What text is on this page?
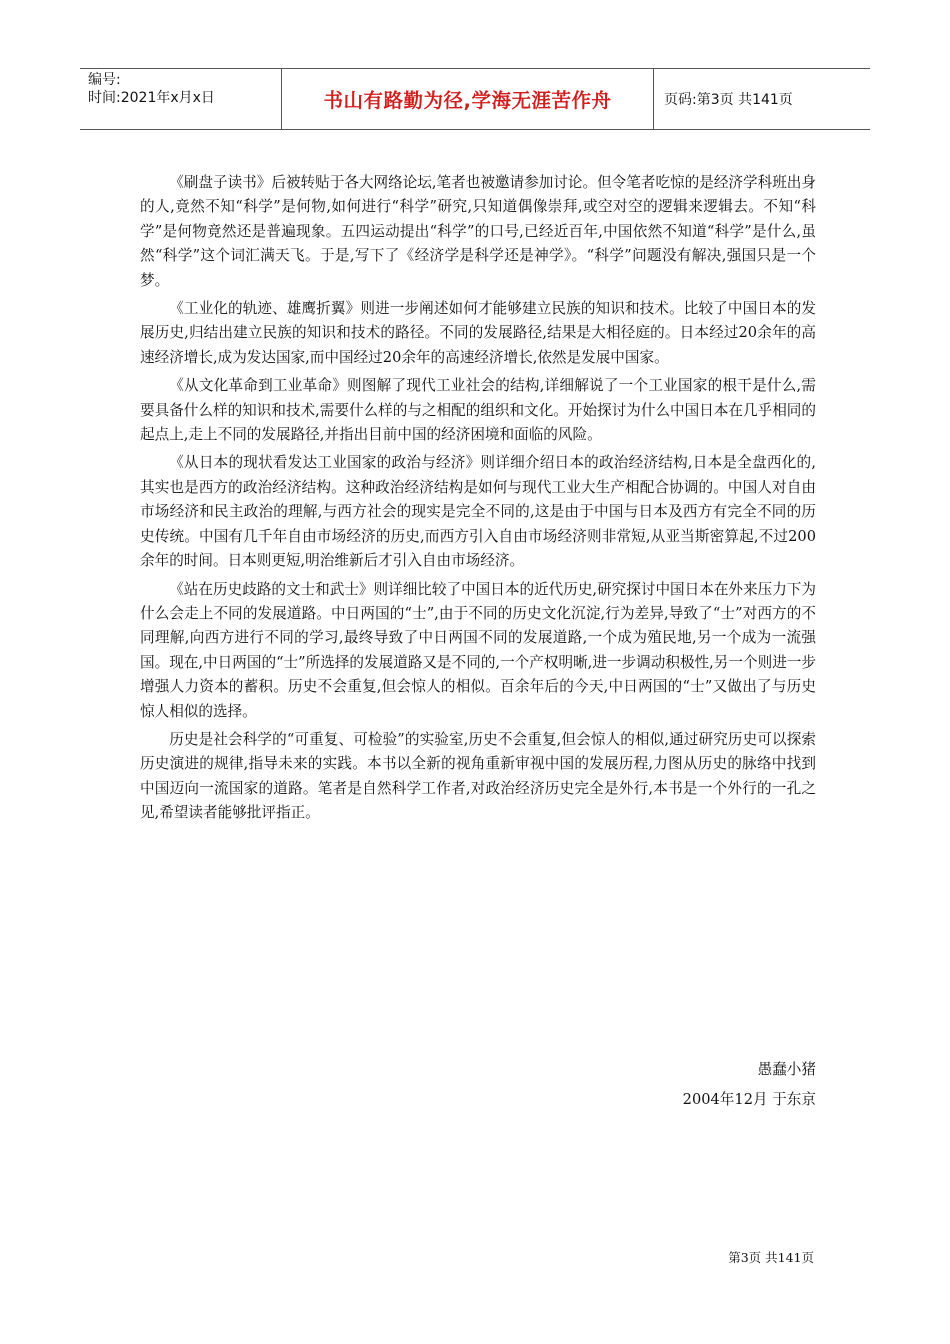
编号:
时间:2021年x月x日	书山有路勤为径,学海无涯苦作舟	页码:第3页 共141页

《刷盘子读书》后被转贴于各大网络论坛,笔者也被邀请参加讨论。但令笔者吃惊的是经济学科班出身的人,竟然不知“科学”是何物,如何进行“科学”研究,只知道偶像崇拜,或空对空的逻辑来逻辑去。不知“科学”是何物竟然还是普遍现象。五四运动提出“科学”的口号,已经近百年,中国依然不知道“科学”是什么,虽然“科学”这个词汇满天飞。于是,写下了《经济学是科学还是神学》。“科学”问题没有解决,强国只是一个梦。

《工业化的轨迹、雄鹰折翼》则进一步阐述如何才能够建立民族的知识和技术。比较了中国日本的发展历史,归结出建立民族的知识和技术的路径。不同的发展路径,结果是大相径庭的。日本经过20余年的高速经济增长,成为发达国家,而中国经过20余年的高速经济增长,依然是发展中国家。

《从文化革命到工业革命》则图解了现代工业社会的结构,详细解说了一个工业国家的根干是什么,需要具备什么样的知识和技术,需要什么样的与之相配的组织和文化。开始探讨为什么中国日本在几乎相同的起点上,走上不同的发展路径,并指出目前中国的经济困境和面临的风险。

《从日本的现状看发达工业国家的政治与经济》则详细介绍日本的政治经济结构,日本是全盘西化的,其实也是西方的政治经济结构。这种政治经济结构是如何与现代工业大生产相配合协调的。中国人对自由市场经济和民主政治的理解,与西方社会的现实是完全不同的,这是由于中国与日本及西方有完全不同的历史传统。中国有几千年自由市场经济的历史,而西方引入自由市场经济则非常短,从亚当斯密算起,不过200余年的时间。日本则更短,明治维新后才引入自由市场经济。

《站在历史歧路的文士和武士》则详细比较了中国日本的近代历史,研究探讨中国日本在外来压力下为什么会走上不同的发展道路。中日两国的“士”,由于不同的历史文化沉淀,行为差异,导致了“士”对西方的不同理解,向西方进行不同的学习,最终导致了中日两国不同的发展道路,一个成为殖民地,另一个成为一流强国。现在,中日两国的“士”所选择的发展道路又是不同的,一个产权明晰,进一步调动积极性,另一个则进一步增强人力资本的蓄积。历史不会重复,但会惊人的相似。百余年后的今天,中日两国的“士”又做出了与历史惊人相似的选择。

历史是社会科学的“可重复、可检验”的实验室,历史不会重复,但会惊人的相似,通过研究历史可以探索历史演进的规律,指导未来的实践。本书以全新的视角重新审视中国的发展历程,力图从历史的脉络中找到中国迈向一流国家的道路。笔者是自然科学工作者,对政治经济历史完全是外行,本书是一个外行的一孔之见,希望读者能够批评指正。

愚蠢小猪
2004年12月 于东京
第3页 共141页
